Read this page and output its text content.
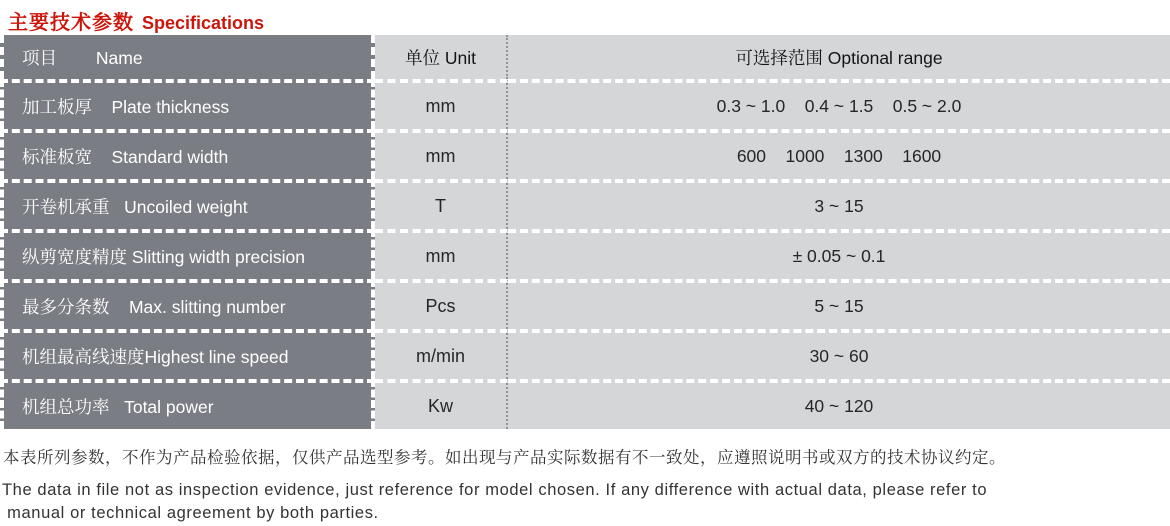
主要技术参数 Specifications
项目        Name	单位 Unit	可选择范围 Optional range
加工板厚    Plate thickness	mm	0.3 ~ 1.0    0.4 ~ 1.5    0.5 ~ 2.0
标准板宽    Standard width	mm	600    1000    1300    1600
开卷机承重   Uncoiled weight	T	3 ~ 15
纵剪宽度精度 Slitting width precision	mm	± 0.05 ~ 0.1
最多分条数    Max. slitting number	Pcs	5 ~ 15
机组最高线速度Highest line speed	m/min	30 ~ 60
机组总功率   Total power	Kw	40 ~ 120
本表所列参数，不作为产品检验依据，仅供产品选型参考。如出现与产品实际数据有不一致处，应遵照说明书或双方的技术协议约定。
The data in file not as inspection evidence, just reference for model chosen. If any difference with actual data, please refer to
manual or technical agreement by both parties.
